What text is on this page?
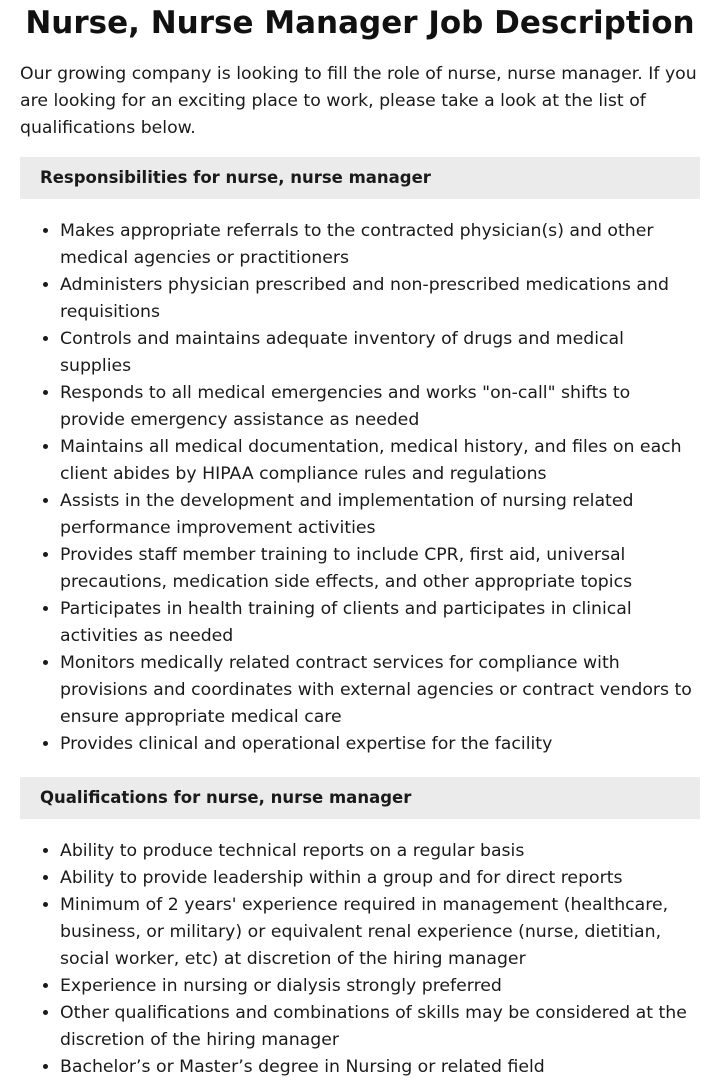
Nurse, Nurse Manager Job Description

Our growing company is looking to fill the role of nurse, nurse manager. If you are looking for an exciting place to work, please take a look at the list of qualifications below.

Responsibilities for nurse, nurse manager
• Makes appropriate referrals to the contracted physician(s) and other medical agencies or practitioners
• Administers physician prescribed and non-prescribed medications and requisitions
• Controls and maintains adequate inventory of drugs and medical supplies
• Responds to all medical emergencies and works "on-call" shifts to provide emergency assistance as needed
• Maintains all medical documentation, medical history, and files on each client abides by HIPAA compliance rules and regulations
• Assists in the development and implementation of nursing related performance improvement activities
• Provides staff member training to include CPR, first aid, universal precautions, medication side effects, and other appropriate topics
• Participates in health training of clients and participates in clinical activities as needed
• Monitors medically related contract services for compliance with provisions and coordinates with external agencies or contract vendors to ensure appropriate medical care
• Provides clinical and operational expertise for the facility
Qualifications for nurse, nurse manager
• Ability to produce technical reports on a regular basis
• Ability to provide leadership within a group and for direct reports
• Minimum of 2 years' experience required in management (healthcare, business, or military) or equivalent renal experience (nurse, dietitian, social worker, etc) at discretion of the hiring manager
• Experience in nursing or dialysis strongly preferred
• Other qualifications and combinations of skills may be considered at the discretion of the hiring manager
• Bachelor’s or Master’s degree in Nursing or related field
